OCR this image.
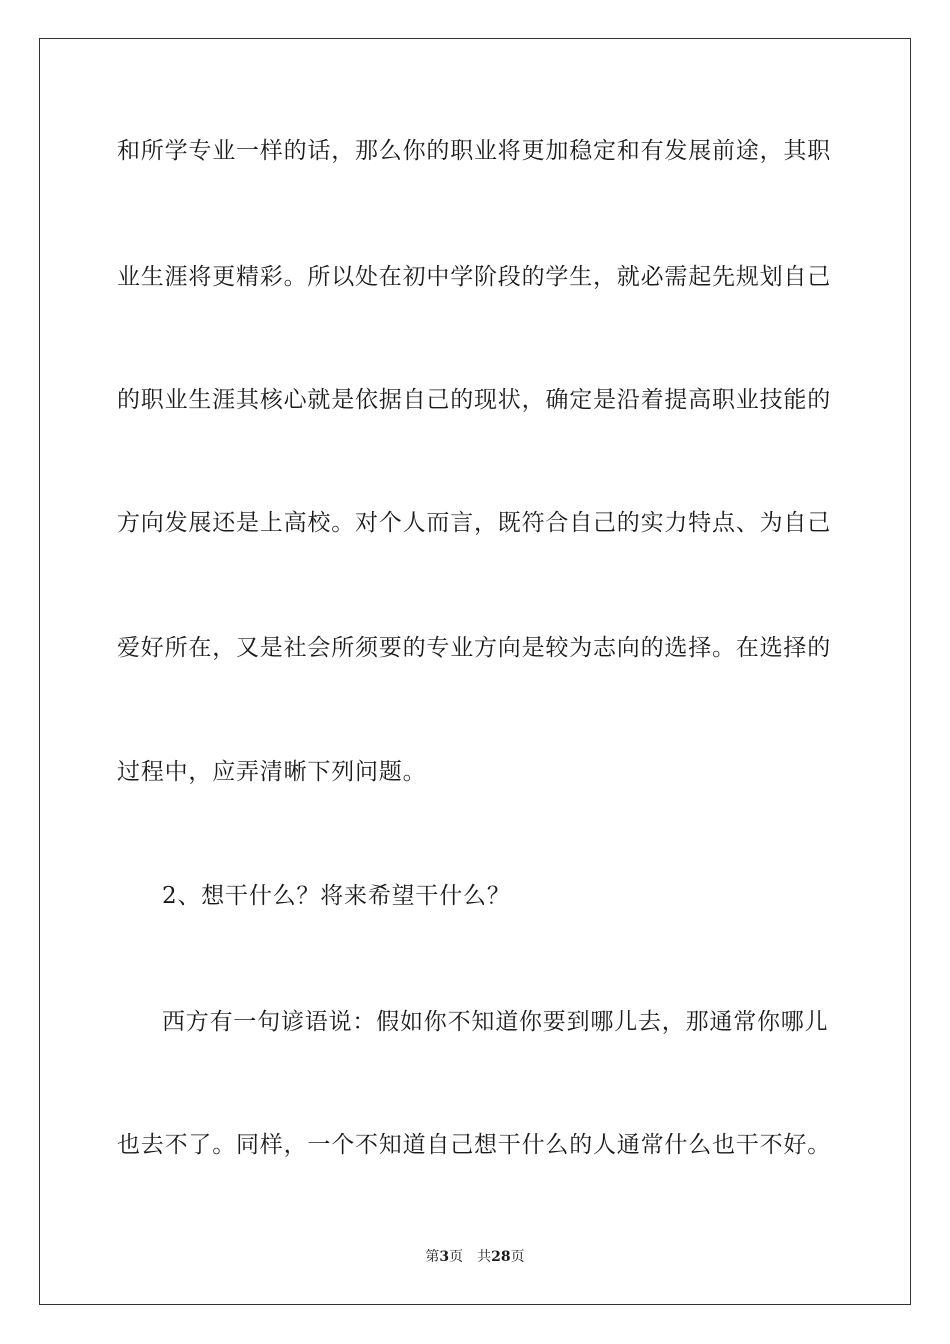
和所学专业一样的话，那么你的职业将更加稳定和有发展前途，其职
业生涯将更精彩。所以处在初中学阶段的学生，就必需起先规划自己
的职业生涯其核心就是依据自己的现状，确定是沿着提高职业技能的
方向发展还是上高校。对个人而言，既符合自己的实力特点、为自己
爱好所在，又是社会所须要的专业方向是较为志向的选择。在选择的
过程中，应弄清晰下列问题。
2、想干什么？将来希望干什么？
西方有一句谚语说：假如你不知道你要到哪儿去，那通常你哪儿
也去不了。同样，一个不知道自己想干什么的人通常什么也干不好。
第3页 共28页
